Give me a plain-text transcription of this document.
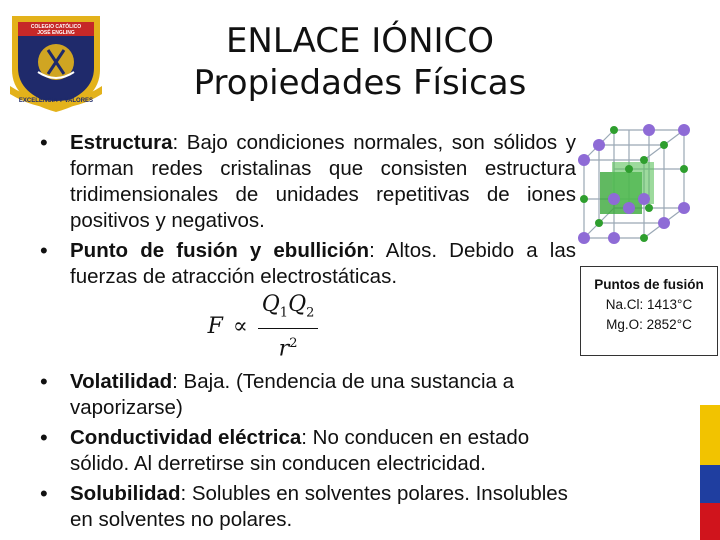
COLEGIO CATÓLICO
JOSÉ ENGLING
EXCELENCIA Y VALORES
ENLACE IÓNICO
Propiedades Físicas
• Estructura: Bajo condiciones normales, son sólidos y forman redes cristalinas que consisten estructura tridimensionales de unidades repetitivas de iones positivos y negativos.
• Punto de fusión y ebullición: Altos. Debido a las fuerzas de atracción electrostáticas.
$F \propto \frac{Q_1Q_2}{r^2}$
• Volatilidad: Baja. (Tendencia de una sustancia a vaporizarse)
• Conductividad eléctrica: No conducen en estado sólido. Al derretirse sin conducen electricidad.
• Solubilidad: Solubles en solventes polares. Insolubles en solventes no polares.
Puntos de fusión
Na.Cl: 1413°C
Mg.O: 2852°C
